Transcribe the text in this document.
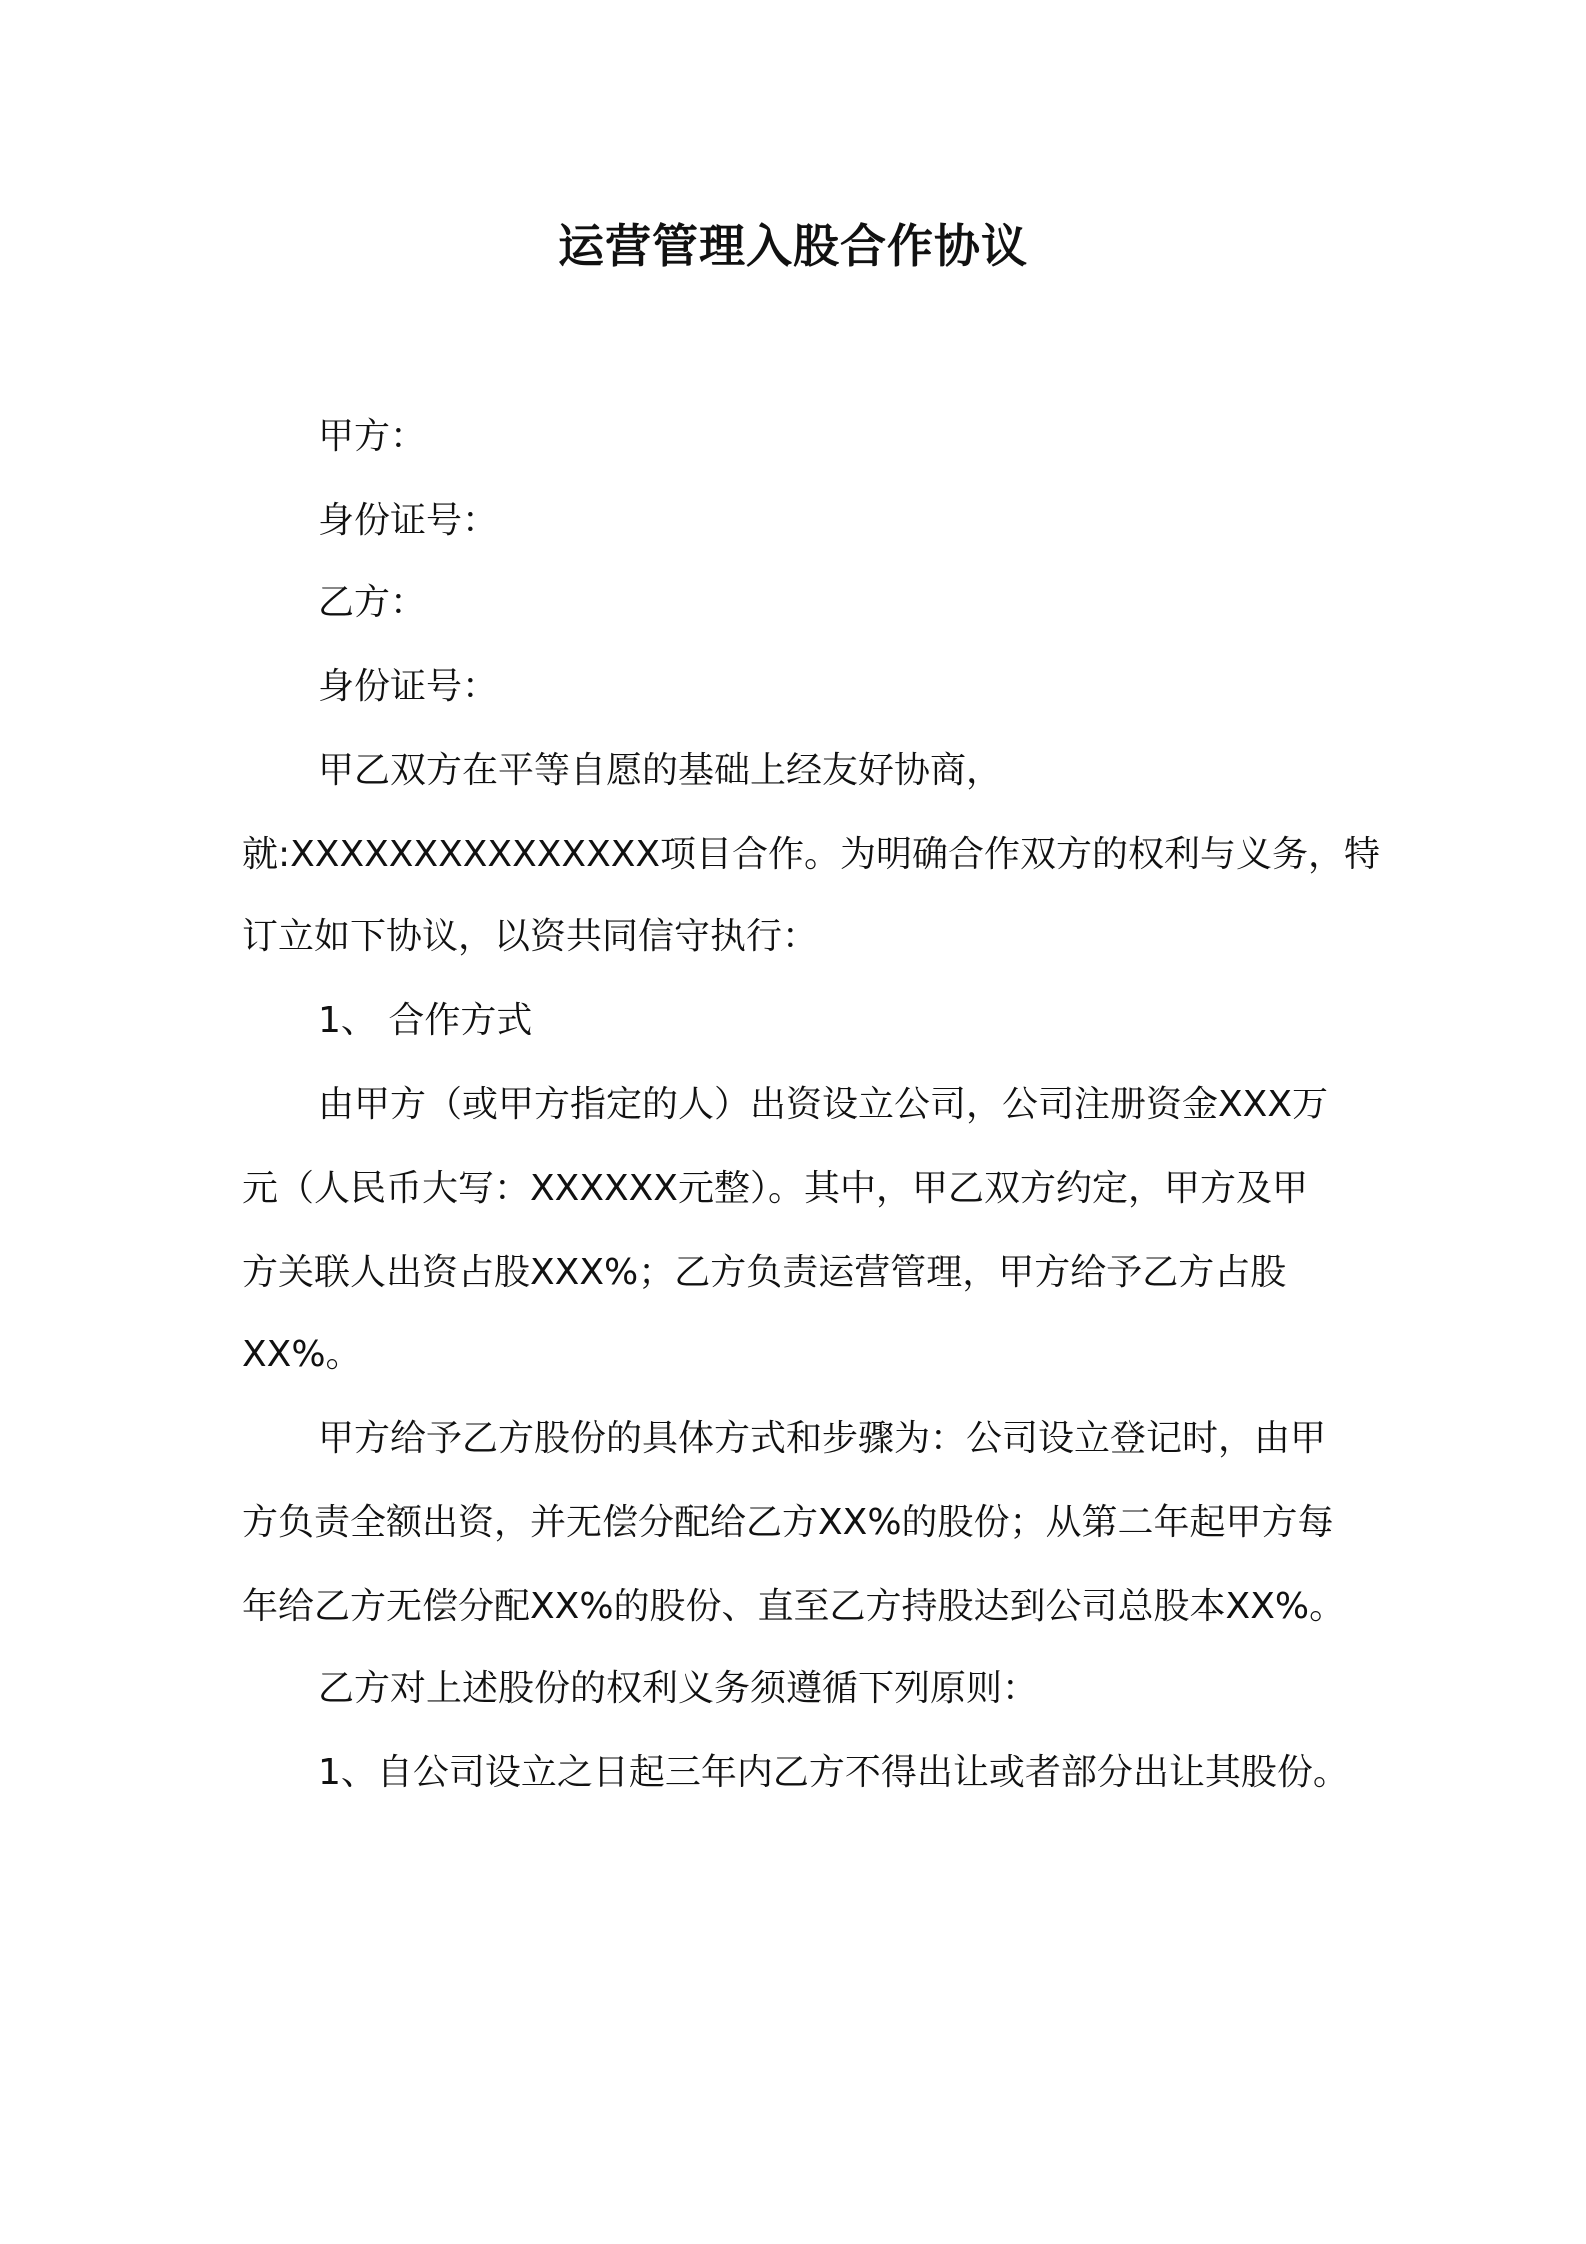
运营管理入股合作协议
甲方：
身份证号：
乙方：
身份证号：
甲乙双方在平等自愿的基础上经友好协商，
就:XXXXXXXXXXXXXXX项目合作。为明确合作双方的权利与义务，特
订立如下协议，以资共同信守执行：
1、 合作方式
由甲方（或甲方指定的人）出资设立公司，公司注册资金XXX万
元（人民币大写：XXXXXX元整）。其中，甲乙双方约定，甲方及甲
方关联人出资占股XXX%；乙方负责运营管理，甲方给予乙方占股
XX%。
甲方给予乙方股份的具体方式和步骤为：公司设立登记时，由甲
方负责全额出资，并无偿分配给乙方XX%的股份；从第二年起甲方每
年给乙方无偿分配XX%的股份、直至乙方持股达到公司总股本XX%。
乙方对上述股份的权利义务须遵循下列原则：
1、自公司设立之日起三年内乙方不得出让或者部分出让其股份。
